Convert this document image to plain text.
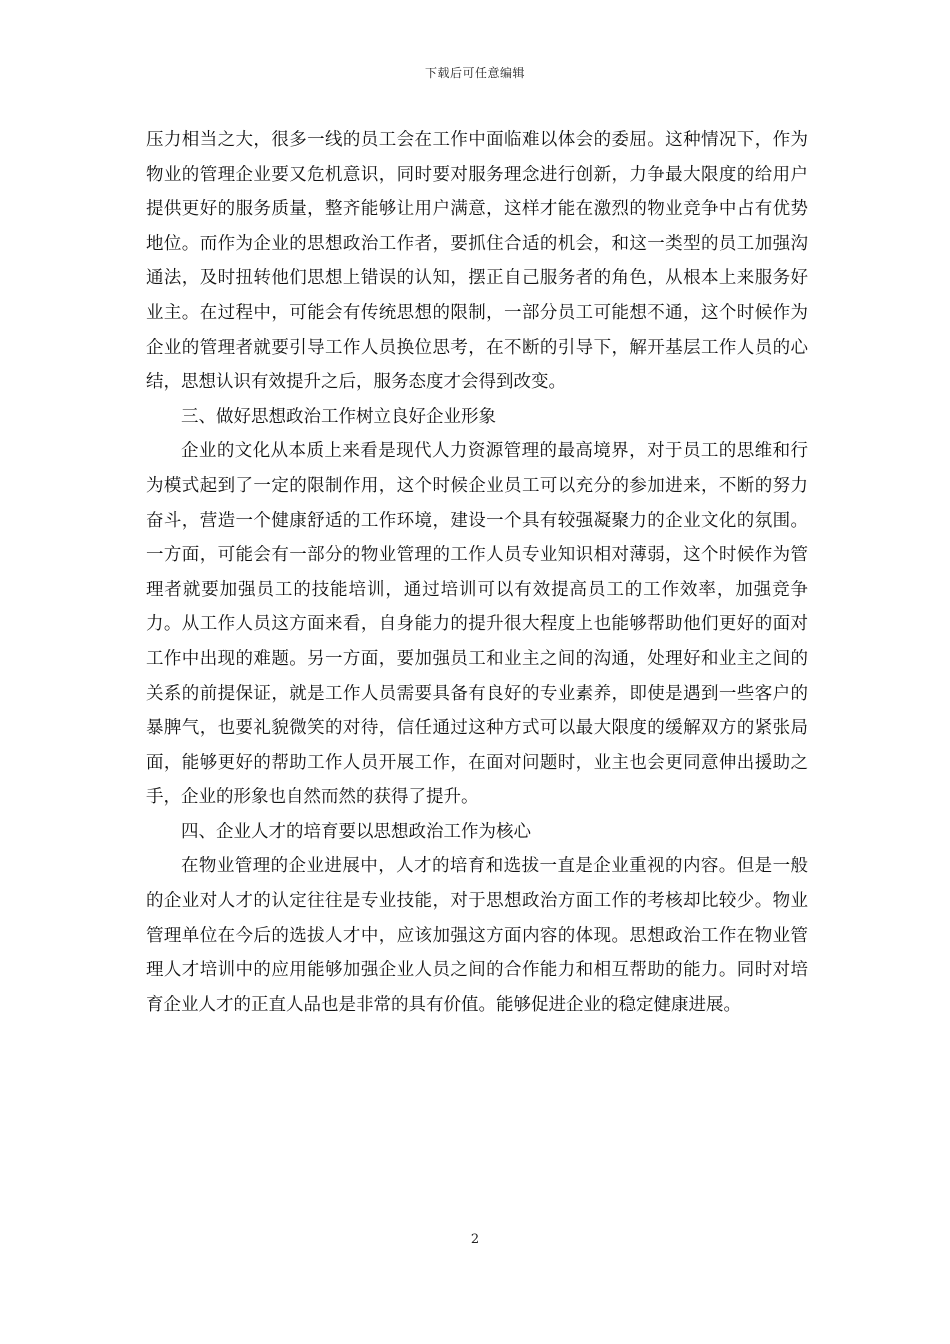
下载后可任意编辑

压力相当之大，很多一线的员工会在工作中面临难以体会的委屈。这种情况下，作为物业的管理企业要又危机意识，同时要对服务理念进行创新，力争最大限度的给用户提供更好的服务质量，整齐能够让用户满意，这样才能在激烈的物业竞争中占有优势地位。而作为企业的思想政治工作者，要抓住合适的机会，和这一类型的员工加强沟通法，及时扭转他们思想上错误的认知，摆正自己服务者的角色，从根本上来服务好业主。在过程中，可能会有传统思想的限制，一部分员工可能想不通，这个时候作为企业的管理者就要引导工作人员换位思考，在不断的引导下，解开基层工作人员的心结，思想认识有效提升之后，服务态度才会得到改变。

三、做好思想政治工作树立良好企业形象

企业的文化从本质上来看是现代人力资源管理的最高境界，对于员工的思维和行为模式起到了一定的限制作用，这个时候企业员工可以充分的参加进来，不断的努力奋斗，营造一个健康舒适的工作环境，建设一个具有较强凝聚力的企业文化的氛围。一方面，可能会有一部分的物业管理的工作人员专业知识相对薄弱，这个时候作为管理者就要加强员工的技能培训，通过培训可以有效提高员工的工作效率，加强竞争力。从工作人员这方面来看，自身能力的提升很大程度上也能够帮助他们更好的面对工作中出现的难题。另一方面，要加强员工和业主之间的沟通，处理好和业主之间的关系的前提保证，就是工作人员需要具备有良好的专业素养，即使是遇到一些客户的暴脾气，也要礼貌微笑的对待，信任通过这种方式可以最大限度的缓解双方的紧张局面，能够更好的帮助工作人员开展工作，在面对问题时，业主也会更同意伸出援助之手，企业的形象也自然而然的获得了提升。

四、企业人才的培育要以思想政治工作为核心

在物业管理的企业进展中，人才的培育和选拔一直是企业重视的内容。但是一般的企业对人才的认定往往是专业技能，对于思想政治方面工作的考核却比较少。物业管理单位在今后的选拔人才中，应该加强这方面内容的体现。思想政治工作在物业管理人才培训中的应用能够加强企业人员之间的合作能力和相互帮助的能力。同时对培育企业人才的正直人品也是非常的具有价值。能够促进企业的稳定健康进展。

2
